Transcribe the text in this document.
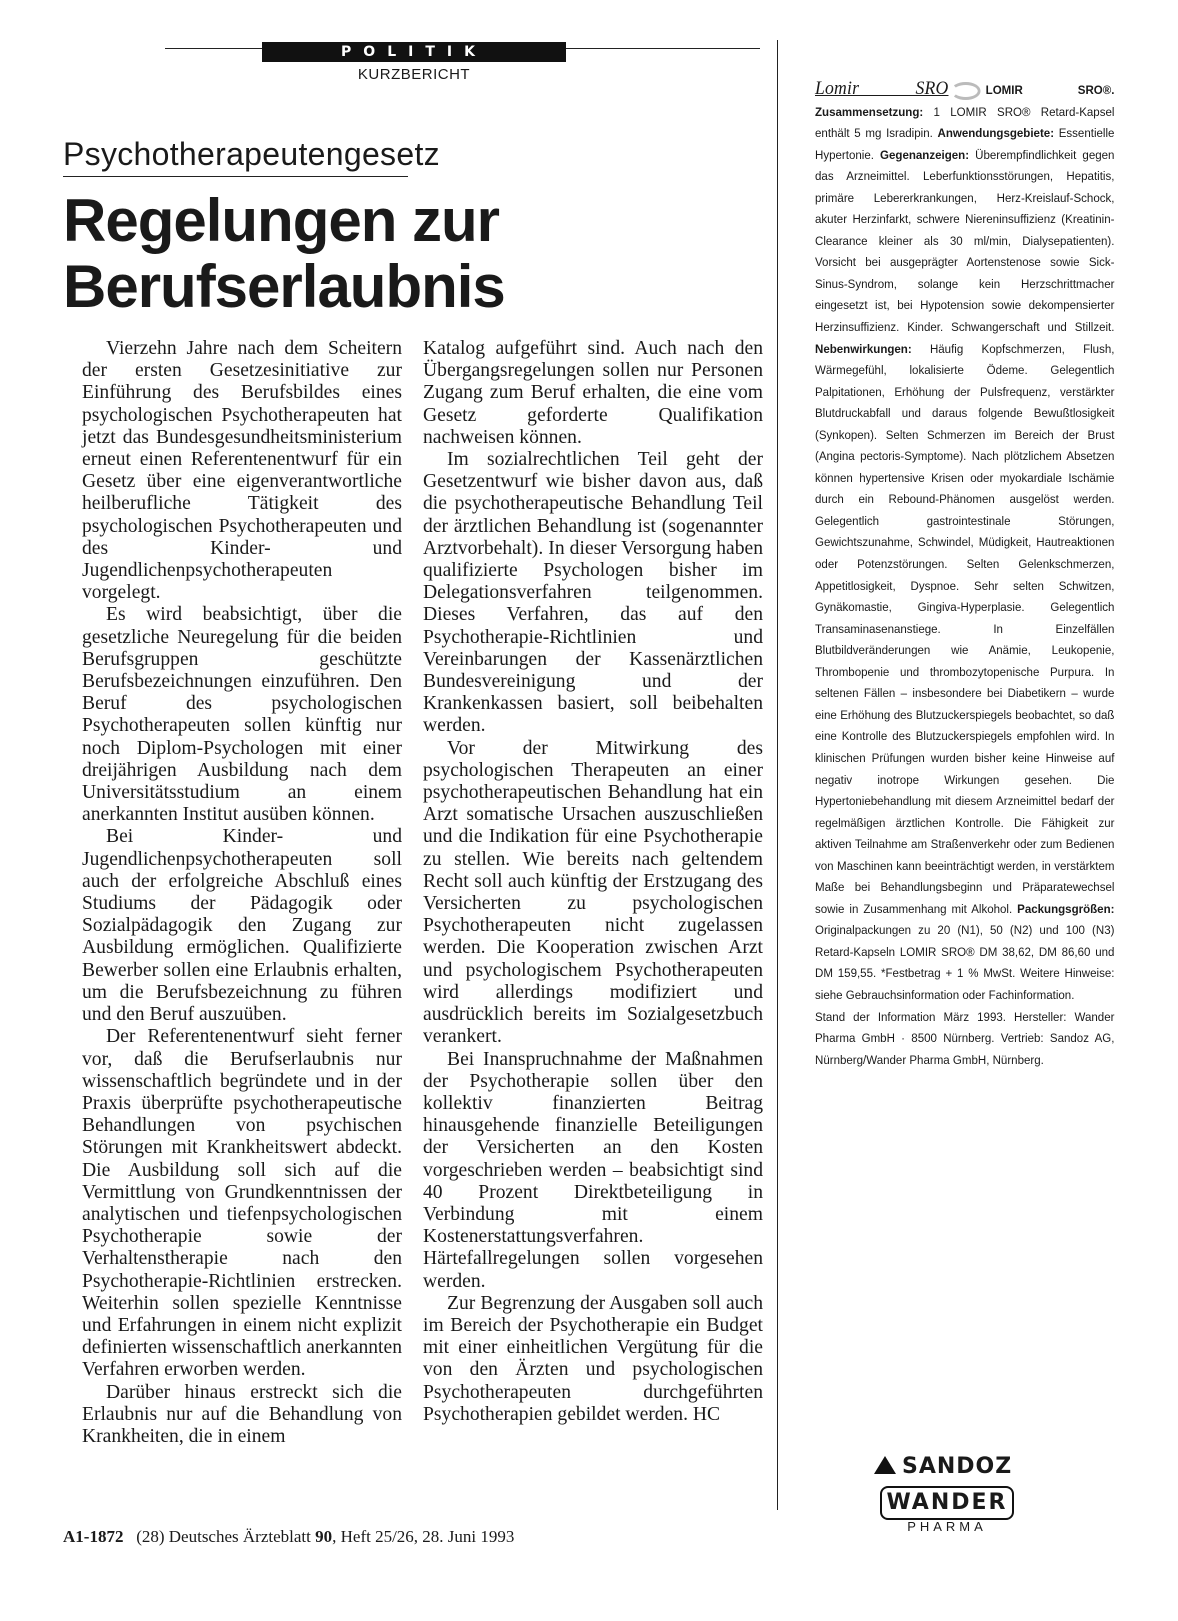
POLITIK
KURZBERICHT
Psychotherapeutengesetz
Regelungen zur
Berufserlaubnis

Vierzehn Jahre nach dem Scheitern der ersten Gesetzesinitiative zur Einführung des Berufsbildes eines psychologischen Psychotherapeuten hat jetzt das Bundesgesundheitsministerium erneut einen Referentenentwurf für ein Gesetz über eine eigenverantwortliche heilberufliche Tätigkeit des psychologischen Psychotherapeuten und des Kinder- und Jugendlichenpsychotherapeuten vorgelegt.

Es wird beabsichtigt, über die gesetzliche Neuregelung für die beiden Berufsgruppen geschützte Berufsbezeichnungen einzuführen. Den Beruf des psychologischen Psychotherapeuten sollen künftig nur noch Diplom-Psychologen mit einer dreijährigen Ausbildung nach dem Universitätsstudium an einem anerkannten Institut ausüben können.

Bei Kinder- und Jugendlichenpsychotherapeuten soll auch der erfolgreiche Abschluß eines Studiums der Pädagogik oder Sozialpädagogik den Zugang zur Ausbildung ermöglichen. Qualifizierte Bewerber sollen eine Erlaubnis erhalten, um die Berufsbezeichnung zu führen und den Beruf auszuüben.

Der Referentenentwurf sieht ferner vor, daß die Berufserlaubnis nur wissenschaftlich begründete und in der Praxis überprüfte psychotherapeutische Behandlungen von psychischen Störungen mit Krankheitswert abdeckt. Die Ausbildung soll sich auf die Vermittlung von Grundkenntnissen der analytischen und tiefenpsychologischen Psychotherapie sowie der Verhaltenstherapie nach den Psychotherapie-Richtlinien erstrecken. Weiterhin sollen spezielle Kenntnisse und Erfahrungen in einem nicht explizit definierten wissenschaftlich anerkannten Verfahren erworben werden.

Darüber hinaus erstreckt sich die Erlaubnis nur auf die Behandlung von Krankheiten, die in einem

Katalog aufgeführt sind. Auch nach den Übergangsregelungen sollen nur Personen Zugang zum Beruf erhalten, die eine vom Gesetz geforderte Qualifikation nachweisen können.

Im sozialrechtlichen Teil geht der Gesetzentwurf wie bisher davon aus, daß die psychotherapeutische Behandlung Teil der ärztlichen Behandlung ist (sogenannter Arztvorbehalt). In dieser Versorgung haben qualifizierte Psychologen bisher im Delegationsverfahren teilgenommen. Dieses Verfahren, das auf den Psychotherapie-Richtlinien und Vereinbarungen der Kassenärztlichen Bundesvereinigung und der Krankenkassen basiert, soll beibehalten werden.

Vor der Mitwirkung des psychologischen Therapeuten an einer psychotherapeutischen Behandlung hat ein Arzt somatische Ursachen auszuschließen und die Indikation für eine Psychotherapie zu stellen. Wie bereits nach geltendem Recht soll auch künftig der Erstzugang des Versicherten zu psychologischen Psychotherapeuten nicht zugelassen werden. Die Kooperation zwischen Arzt und psychologischem Psychotherapeuten wird allerdings modifiziert und ausdrücklich bereits im Sozialgesetzbuch verankert.

Bei Inanspruchnahme der Maßnahmen der Psychotherapie sollen über den kollektiv finanzierten Beitrag hinausgehende finanzielle Beteiligungen der Versicherten an den Kosten vorgeschrieben werden – beabsichtigt sind 40 Prozent Direktbeteiligung in Verbindung mit einem Kostenerstattungsverfahren. Härtefallregelungen sollen vorgesehen werden.

Zur Begrenzung der Ausgaben soll auch im Bereich der Psychotherapie ein Budget mit einer einheitlichen Vergütung für die von den Ärzten und psychologischen Psychotherapeuten durchgeführten Psychotherapien gebildet werden. HC

Lomir SRO	LOMIR SRO®. Zusammensetzung: 1 LOMIR SRO® Retard-Kapsel enthält 5 mg Isradipin. Anwendungsgebiete: Essentielle Hypertonie. Gegenanzeigen: Überempfindlichkeit gegen das Arzneimittel. Leberfunktionsstörungen, Hepatitis, primäre Lebererkrankungen, Herz-Kreislauf-Schock, akuter Herzinfarkt, schwere Niereninsuffizienz (Kreatinin-Clearance kleiner als 30 ml/min, Dialysepatienten). Vorsicht bei ausgeprägter Aortenstenose sowie Sick-Sinus-Syndrom, solange kein Herzschrittmacher eingesetzt ist, bei Hypotension sowie dekompensierter Herzinsuffizienz. Kinder. Schwangerschaft und Stillzeit. Nebenwirkungen: Häufig Kopfschmerzen, Flush, Wärmegefühl, lokalisierte Ödeme. Gelegentlich Palpitationen, Erhöhung der Pulsfrequenz, verstärkter Blutdruckabfall und daraus folgende Bewußtlosigkeit (Synkopen). Selten Schmerzen im Bereich der Brust (Angina pectoris-Symptome). Nach plötzlichem Absetzen können hypertensive Krisen oder myokardiale Ischämie durch ein Rebound-Phänomen ausgelöst werden. Gelegentlich gastrointestinale Störungen, Gewichtszunahme, Schwindel, Müdigkeit, Hautreaktionen oder Potenzstörungen. Selten Gelenkschmerzen, Appetitlosigkeit, Dyspnoe. Sehr selten Schwitzen, Gynäkomastie, Gingiva-Hyperplasie. Gelegentlich Transaminasenanstiege. In Einzelfällen Blutbildveränderungen wie Anämie, Leukopenie, Thrombopenie und thrombozytopenische Purpura. In seltenen Fällen – insbesondere bei Diabetikern – wurde eine Erhöhung des Blutzuckerspiegels beobachtet, so daß eine Kontrolle des Blutzuckerspiegels empfohlen wird. In klinischen Prüfungen wurden bisher keine Hinweise auf negativ inotrope Wirkungen gesehen. Die Hypertoniebehandlung mit diesem Arzneimittel bedarf der regelmäßigen ärztlichen Kontrolle. Die Fähigkeit zur aktiven Teilnahme am Straßenverkehr oder zum Bedienen von Maschinen kann beeinträchtigt werden, in verstärktem Maße bei Behandlungsbeginn und Präparatewechsel sowie in Zusammenhang mit Alkohol. Packungsgrößen: Originalpackungen zu 20 (N1), 50 (N2) und 100 (N3) Retard-Kapseln LOMIR SRO® DM 38,62, DM 86,60 und DM 159,55. *Festbetrag + 1 % MwSt. Weitere Hinweise: siehe Gebrauchsinformation oder Fachinformation.

Stand der Information März 1993. Hersteller: Wander Pharma GmbH · 8500 Nürnberg. Vertrieb: Sandoz AG, Nürnberg/Wander Pharma GmbH, Nürnberg.

SANDOZ
WANDER
PHARMA
A1-1872 (28) Deutsches Ärzteblatt 90, Heft 25/26, 28. Juni 1993
